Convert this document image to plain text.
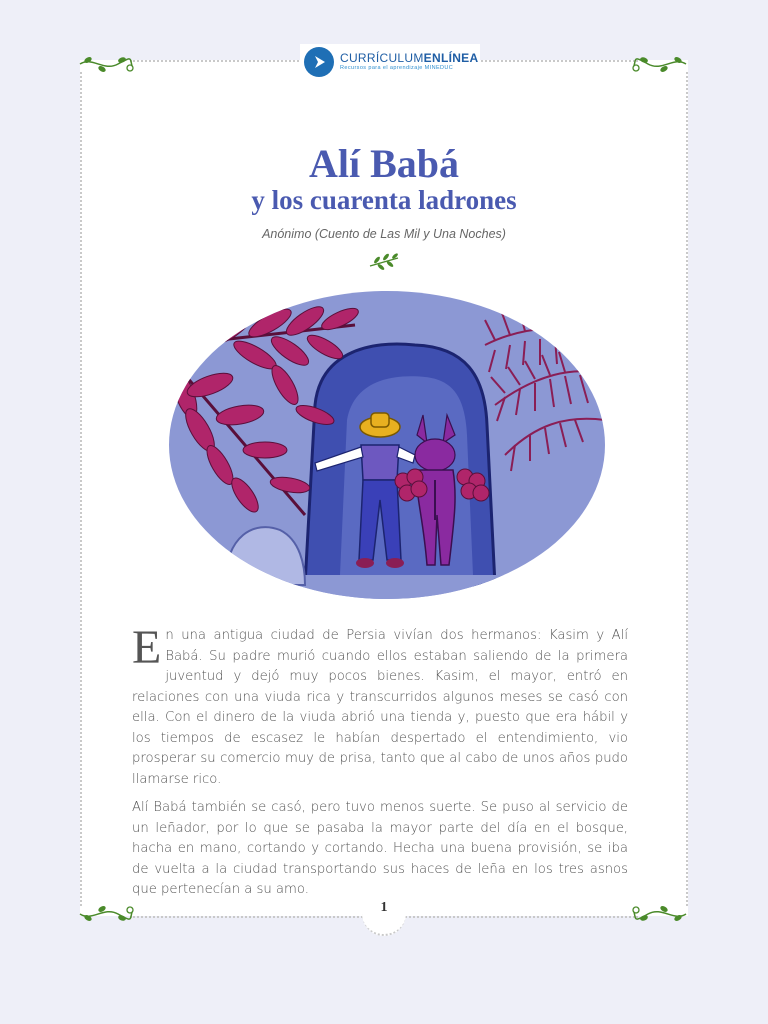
CURRÍCULUMENLÍNEA
Recursos para el aprendizaje MINEDUC
Alí Babá
y los cuarenta ladrones
Anónimo (Cuento de Las Mil y Una Noches)

En una antigua ciudad de Persia vivían dos hermanos: Kasim y Alí Babá. Su padre murió cuando ellos estaban saliendo de la primera juventud y dejó muy pocos bienes. Kasim, el mayor, entró en relaciones con una viuda rica y transcurridos algunos meses se casó con ella. Con el dinero de la viuda abrió una tienda y, puesto que era hábil y los tiempos de escasez le habían despertado el entendimiento, vio prosperar su comercio muy de prisa, tanto que al cabo de unos años pudo llamarse rico.

Alí Babá también se casó, pero tuvo menos suerte. Se puso al servicio de un leñador, por lo que se pasaba la mayor parte del día en el bosque, hacha en mano, cortando y cortando. Hecha una buena provisión, se iba de vuelta a la ciudad transportando sus haces de leña en los tres asnos que pertenecían a su amo.

1
